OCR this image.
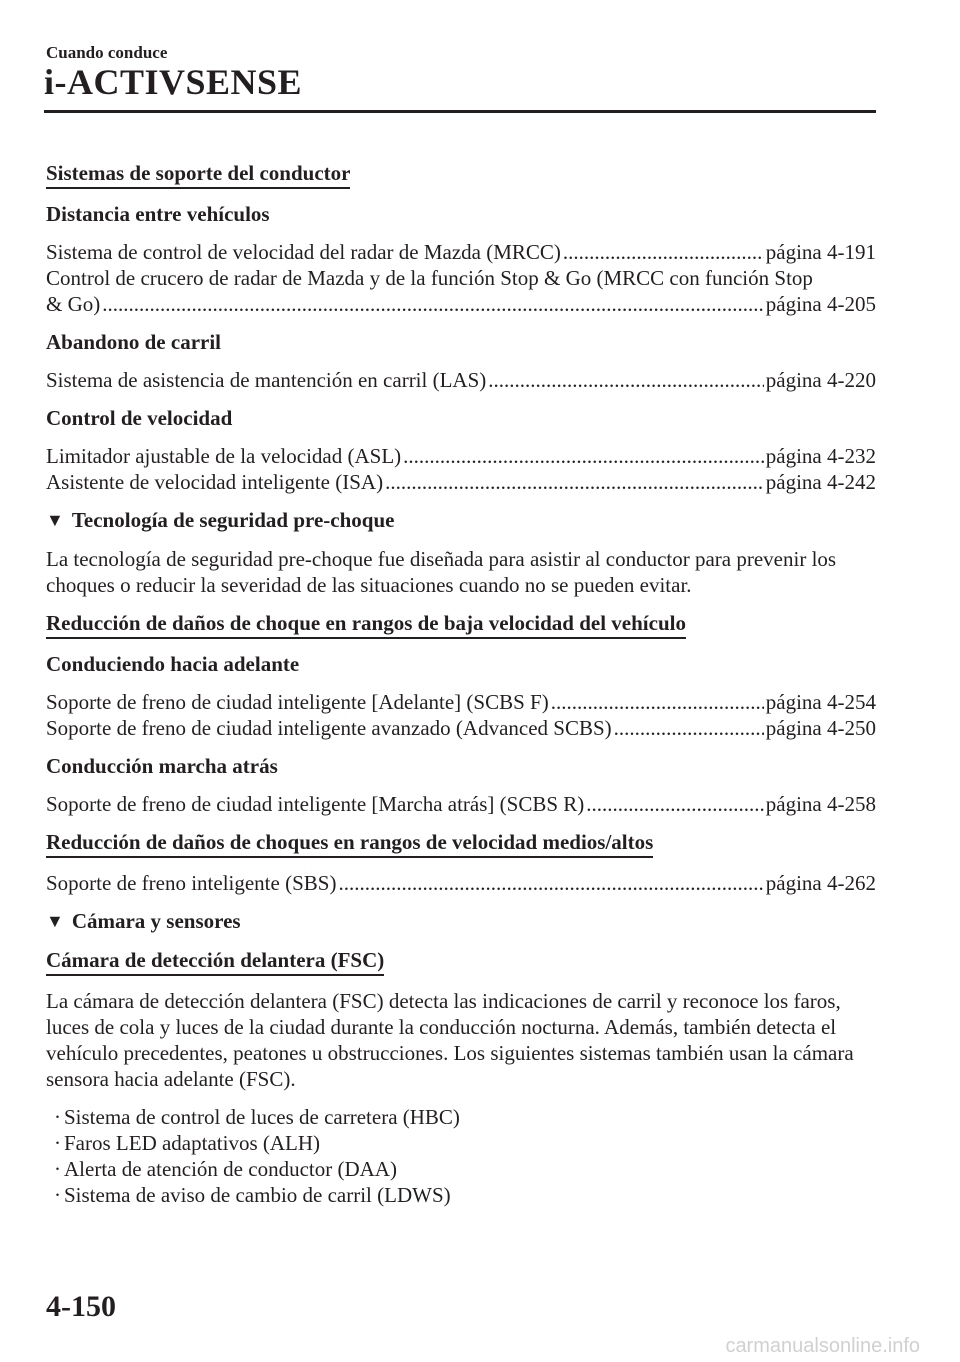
Cuando conduce
i-ACTIVSENSE
Sistemas de soporte del conductor
Distancia entre vehículos
Sistema de control de velocidad del radar de Mazda (MRCC) .....	página 4-191
Control de crucero de radar de Mazda y de la función Stop & Go (MRCC con función Stop
& Go) .....	página 4-205
Abandono de carril
Sistema de asistencia de mantención en carril (LAS) .....	página 4-220
Control de velocidad
Limitador ajustable de la velocidad (ASL) .....	página 4-232
Asistente de velocidad inteligente (ISA) .....	página 4-242
▼ Tecnología de seguridad pre-choque
La tecnología de seguridad pre-choque fue diseñada para asistir al conductor para prevenir los choques o reducir la severidad de las situaciones cuando no se pueden evitar.
Reducción de daños de choque en rangos de baja velocidad del vehículo
Conduciendo hacia adelante
Soporte de freno de ciudad inteligente [Adelante] (SCBS F) .....	página 4-254
Soporte de freno de ciudad inteligente avanzado (Advanced SCBS) .....	página 4-250
Conducción marcha atrás
Soporte de freno de ciudad inteligente [Marcha atrás] (SCBS R) .....	página 4-258
Reducción de daños de choques en rangos de velocidad medios/altos
Soporte de freno inteligente (SBS) .....	página 4-262
▼ Cámara y sensores
Cámara de detección delantera (FSC)
La cámara de detección delantera (FSC) detecta las indicaciones de carril y reconoce los faros, luces de cola y luces de la ciudad durante la conducción nocturna. Además, también detecta el vehículo precedentes, peatones u obstrucciones. Los siguientes sistemas también usan la cámara sensora hacia adelante (FSC).
· Sistema de control de luces de carretera (HBC)
· Faros LED adaptativos (ALH)
· Alerta de atención de conductor (DAA)
· Sistema de aviso de cambio de carril (LDWS)
4-150
carmanualsonline.info
